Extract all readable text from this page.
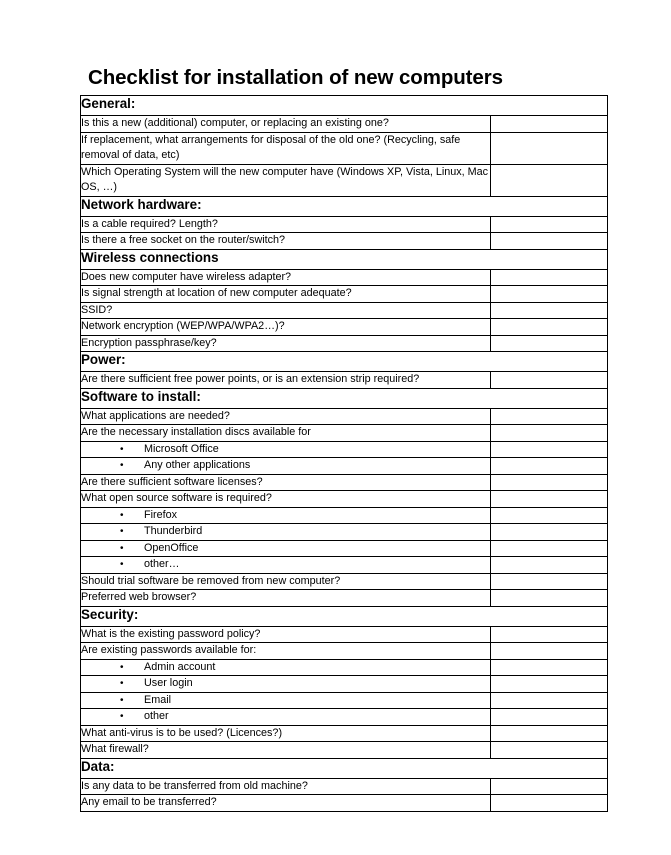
Checklist for installation of new computers
General:	

Is this a new (additional) computer, or replacing an existing one?	
If replacement, what arrangements for disposal of the old one? (Recycling, safe removal of data, etc)	
Which Operating System will the new computer have (Windows XP, Vista, Linux, Mac OS, …)	

Network hardware:	

Is a cable required? Length?	
Is there a free socket on the router/switch?	

Wireless connections	

Does new computer have wireless adapter?	
Is signal strength at location of new computer adequate?	
SSID?	
Network encryption (WEP/WPA/WPA2…)?	
Encryption passphrase/key?	

Power:	

Are there sufficient free power points, or is an extension strip required?	

Software to install:	

What applications are needed?	
Are the necessary installation discs available for	
• Microsoft Office	
• Any other applications	
Are there sufficient software licenses?	
What open source software is required?	
• Firefox	
• Thunderbird	
• OpenOffice	
• other…	
Should trial software be removed from new computer?	
Preferred web browser?	

Security:	

What is the existing password policy?	
Are existing passwords available for:	
• Admin account	
• User login	
• Email	
• other	
What anti-virus is to be used? (Licences?)	
What firewall?	

Data:	

Is any data to be transferred from old machine?	
Any email to be transferred?	
